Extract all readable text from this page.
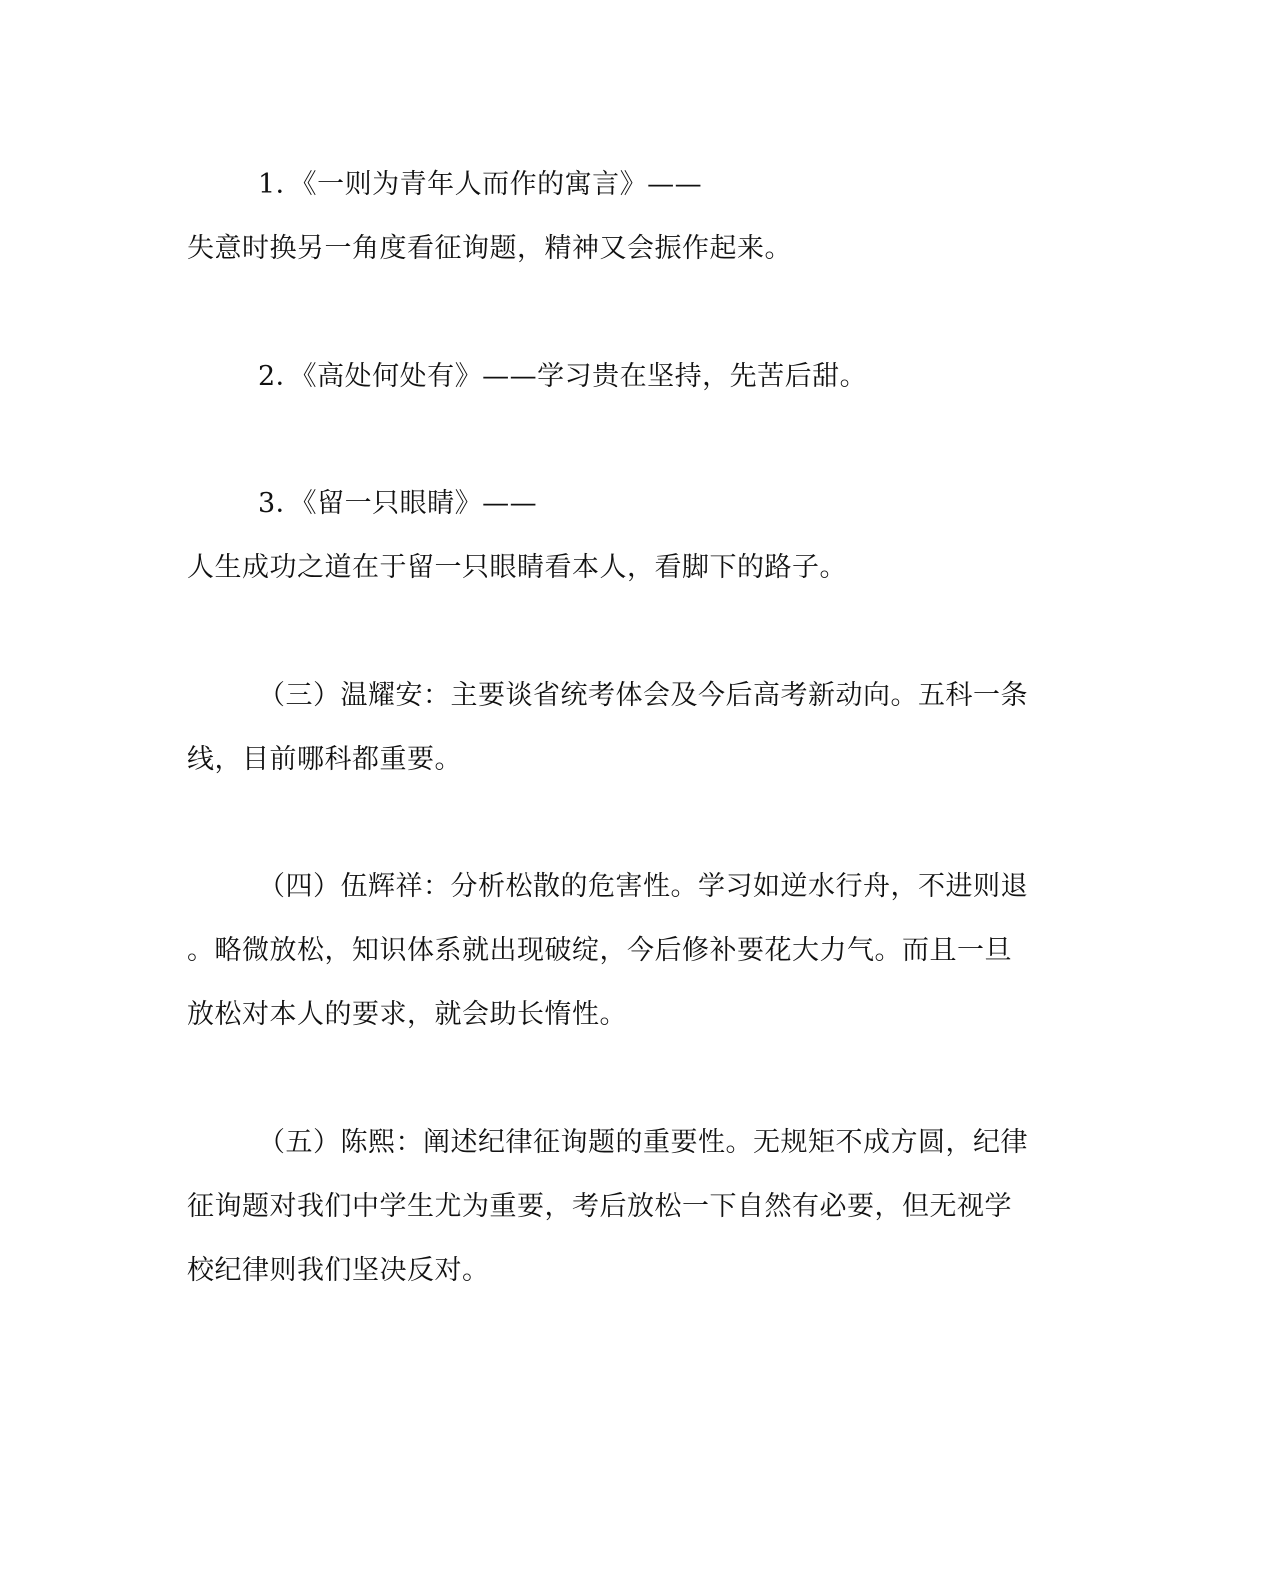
1．《一则为青年人而作的寓言》——
失意时换另一角度看征询题，精神又会振作起来。
2．《高处何处有》——学习贵在坚持，先苦后甜。
3．《留一只眼睛》——
人生成功之道在于留一只眼睛看本人，看脚下的路子。
（三）温耀安：主要谈省统考体会及今后高考新动向。五科一条
线，目前哪科都重要。
（四）伍辉祥：分析松散的危害性。学习如逆水行舟，不进则退
。略微放松，知识体系就出现破绽，今后修补要花大力气。而且一旦
放松对本人的要求，就会助长惰性。
（五）陈熙：阐述纪律征询题的重要性。无规矩不成方圆，纪律
征询题对我们中学生尤为重要，考后放松一下自然有必要，但无视学
校纪律则我们坚决反对。
